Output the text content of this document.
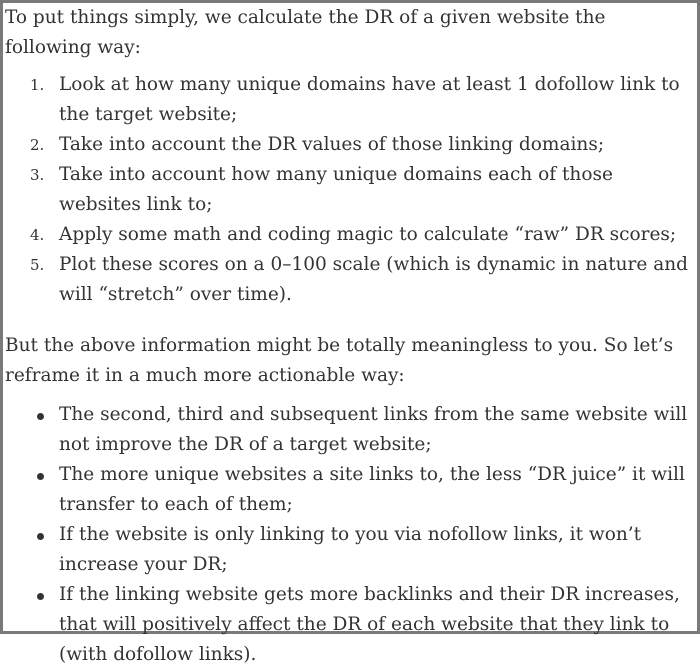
To put things simply, we calculate the DR of a given website the following way:

1. Look at how many unique domains have at least 1 dofollow link to the target website;
2. Take into account the DR values of those linking domains;
3. Take into account how many unique domains each of those websites link to;
4. Apply some math and coding magic to calculate “raw” DR scores;
5. Plot these scores on a 0–100 scale (which is dynamic in nature and will “stretch” over time).

But the above information might be totally meaningless to you. So let’s reframe it in a much more actionable way:

The second, third and subsequent links from the same website will not improve the DR of a target website;
The more unique websites a site links to, the less “DR juice” it will transfer to each of them;
If the website is only linking to you via nofollow links, it won’t increase your DR;
If the linking website gets more backlinks and their DR increases, that will positively affect the DR of each website that they link to (with dofollow links).
